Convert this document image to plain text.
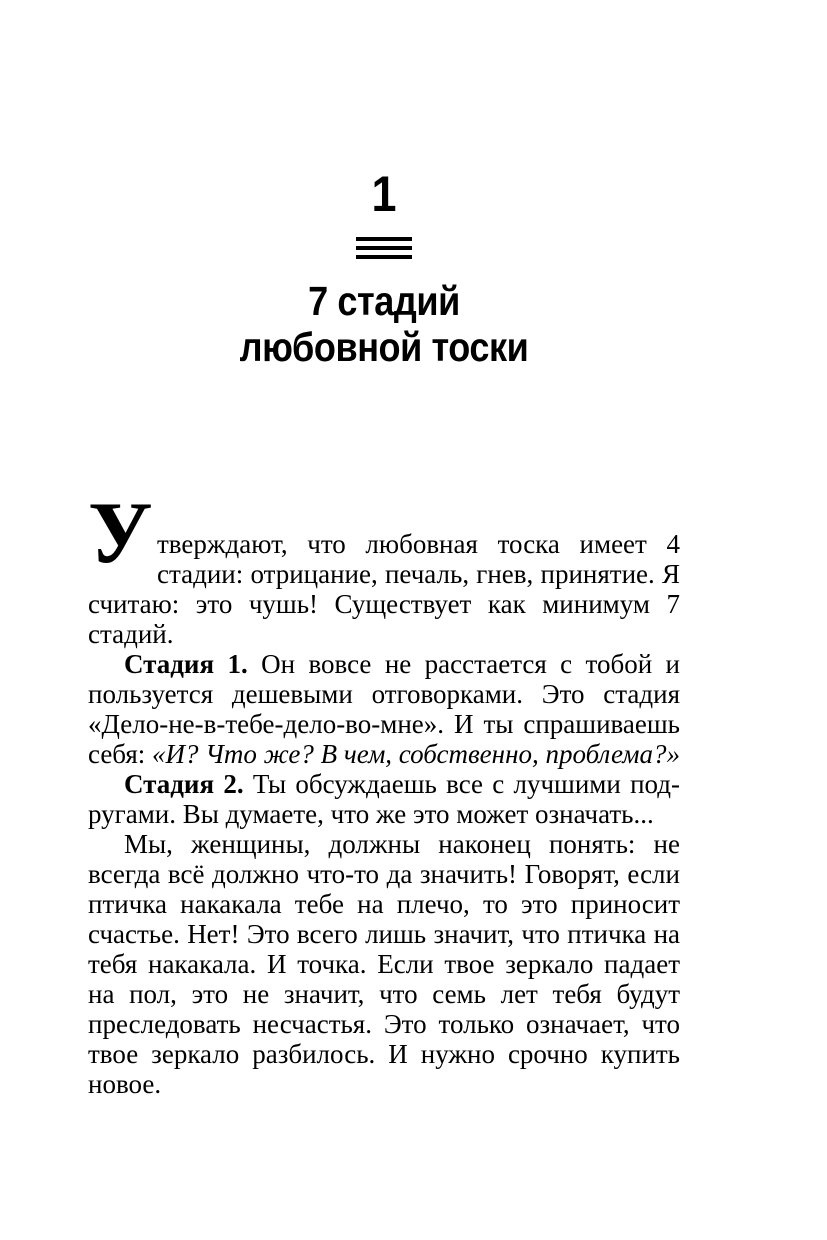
1
7 стадий
любовной тоски

Утверждают, что любовная тоска имеет 4 стадии: отрицание, печаль, гнев, принятие. Я считаю: это чушь! Существует как минимум 7 стадий.

Стадия 1. Он вовсе не расстается с тобой и пользуется дешевыми отговорками. Это стадия «Дело-не-в-тебе-дело-во-мне». И ты спрашиваешь себя: «И? Что же? В чем, собственно, проблема?»

Стадия 2. Ты обсуждаешь все с лучшими подругами. Вы думаете, что же это может означать...

Мы, женщины, должны наконец понять: не всегда всё должно что-то да значить! Говорят, если птичка накакала тебе на плечо, то это приносит счастье. Нет! Это всего лишь значит, что птичка на тебя накакала. И точка. Если твое зеркало падает на пол, это не значит, что семь лет тебя будут преследовать несчастья. Это только означает, что твое зеркало разбилось. И нужно срочно купить новое.
